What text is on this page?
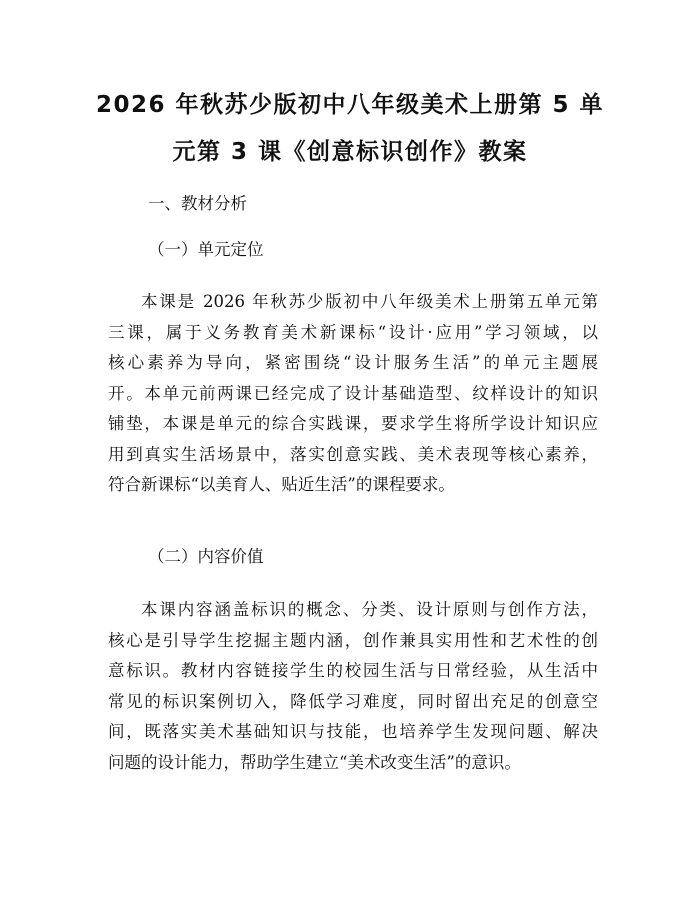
2026 年秋苏少版初中八年级美术上册第 5 单
元第 3 课《创意标识创作》教案
一、教材分析
（一）单元定位
本课是 2026 年秋苏少版初中八年级美术上册第五单元第
三课，属于义务教育美术新课标“设计·应用”学习领域，以
核心素养为导向，紧密围绕“设计服务生活”的单元主题展
开。本单元前两课已经完成了设计基础造型、纹样设计的知识
铺垫，本课是单元的综合实践课，要求学生将所学设计知识应
用到真实生活场景中，落实创意实践、美术表现等核心素养，
符合新课标“以美育人、贴近生活”的课程要求。
（二）内容价值
本课内容涵盖标识的概念、分类、设计原则与创作方法，
核心是引导学生挖掘主题内涵，创作兼具实用性和艺术性的创
意标识。教材内容链接学生的校园生活与日常经验，从生活中
常见的标识案例切入，降低学习难度，同时留出充足的创意空
间，既落实美术基础知识与技能，也培养学生发现问题、解决
问题的设计能力，帮助学生建立“美术改变生活”的意识。
